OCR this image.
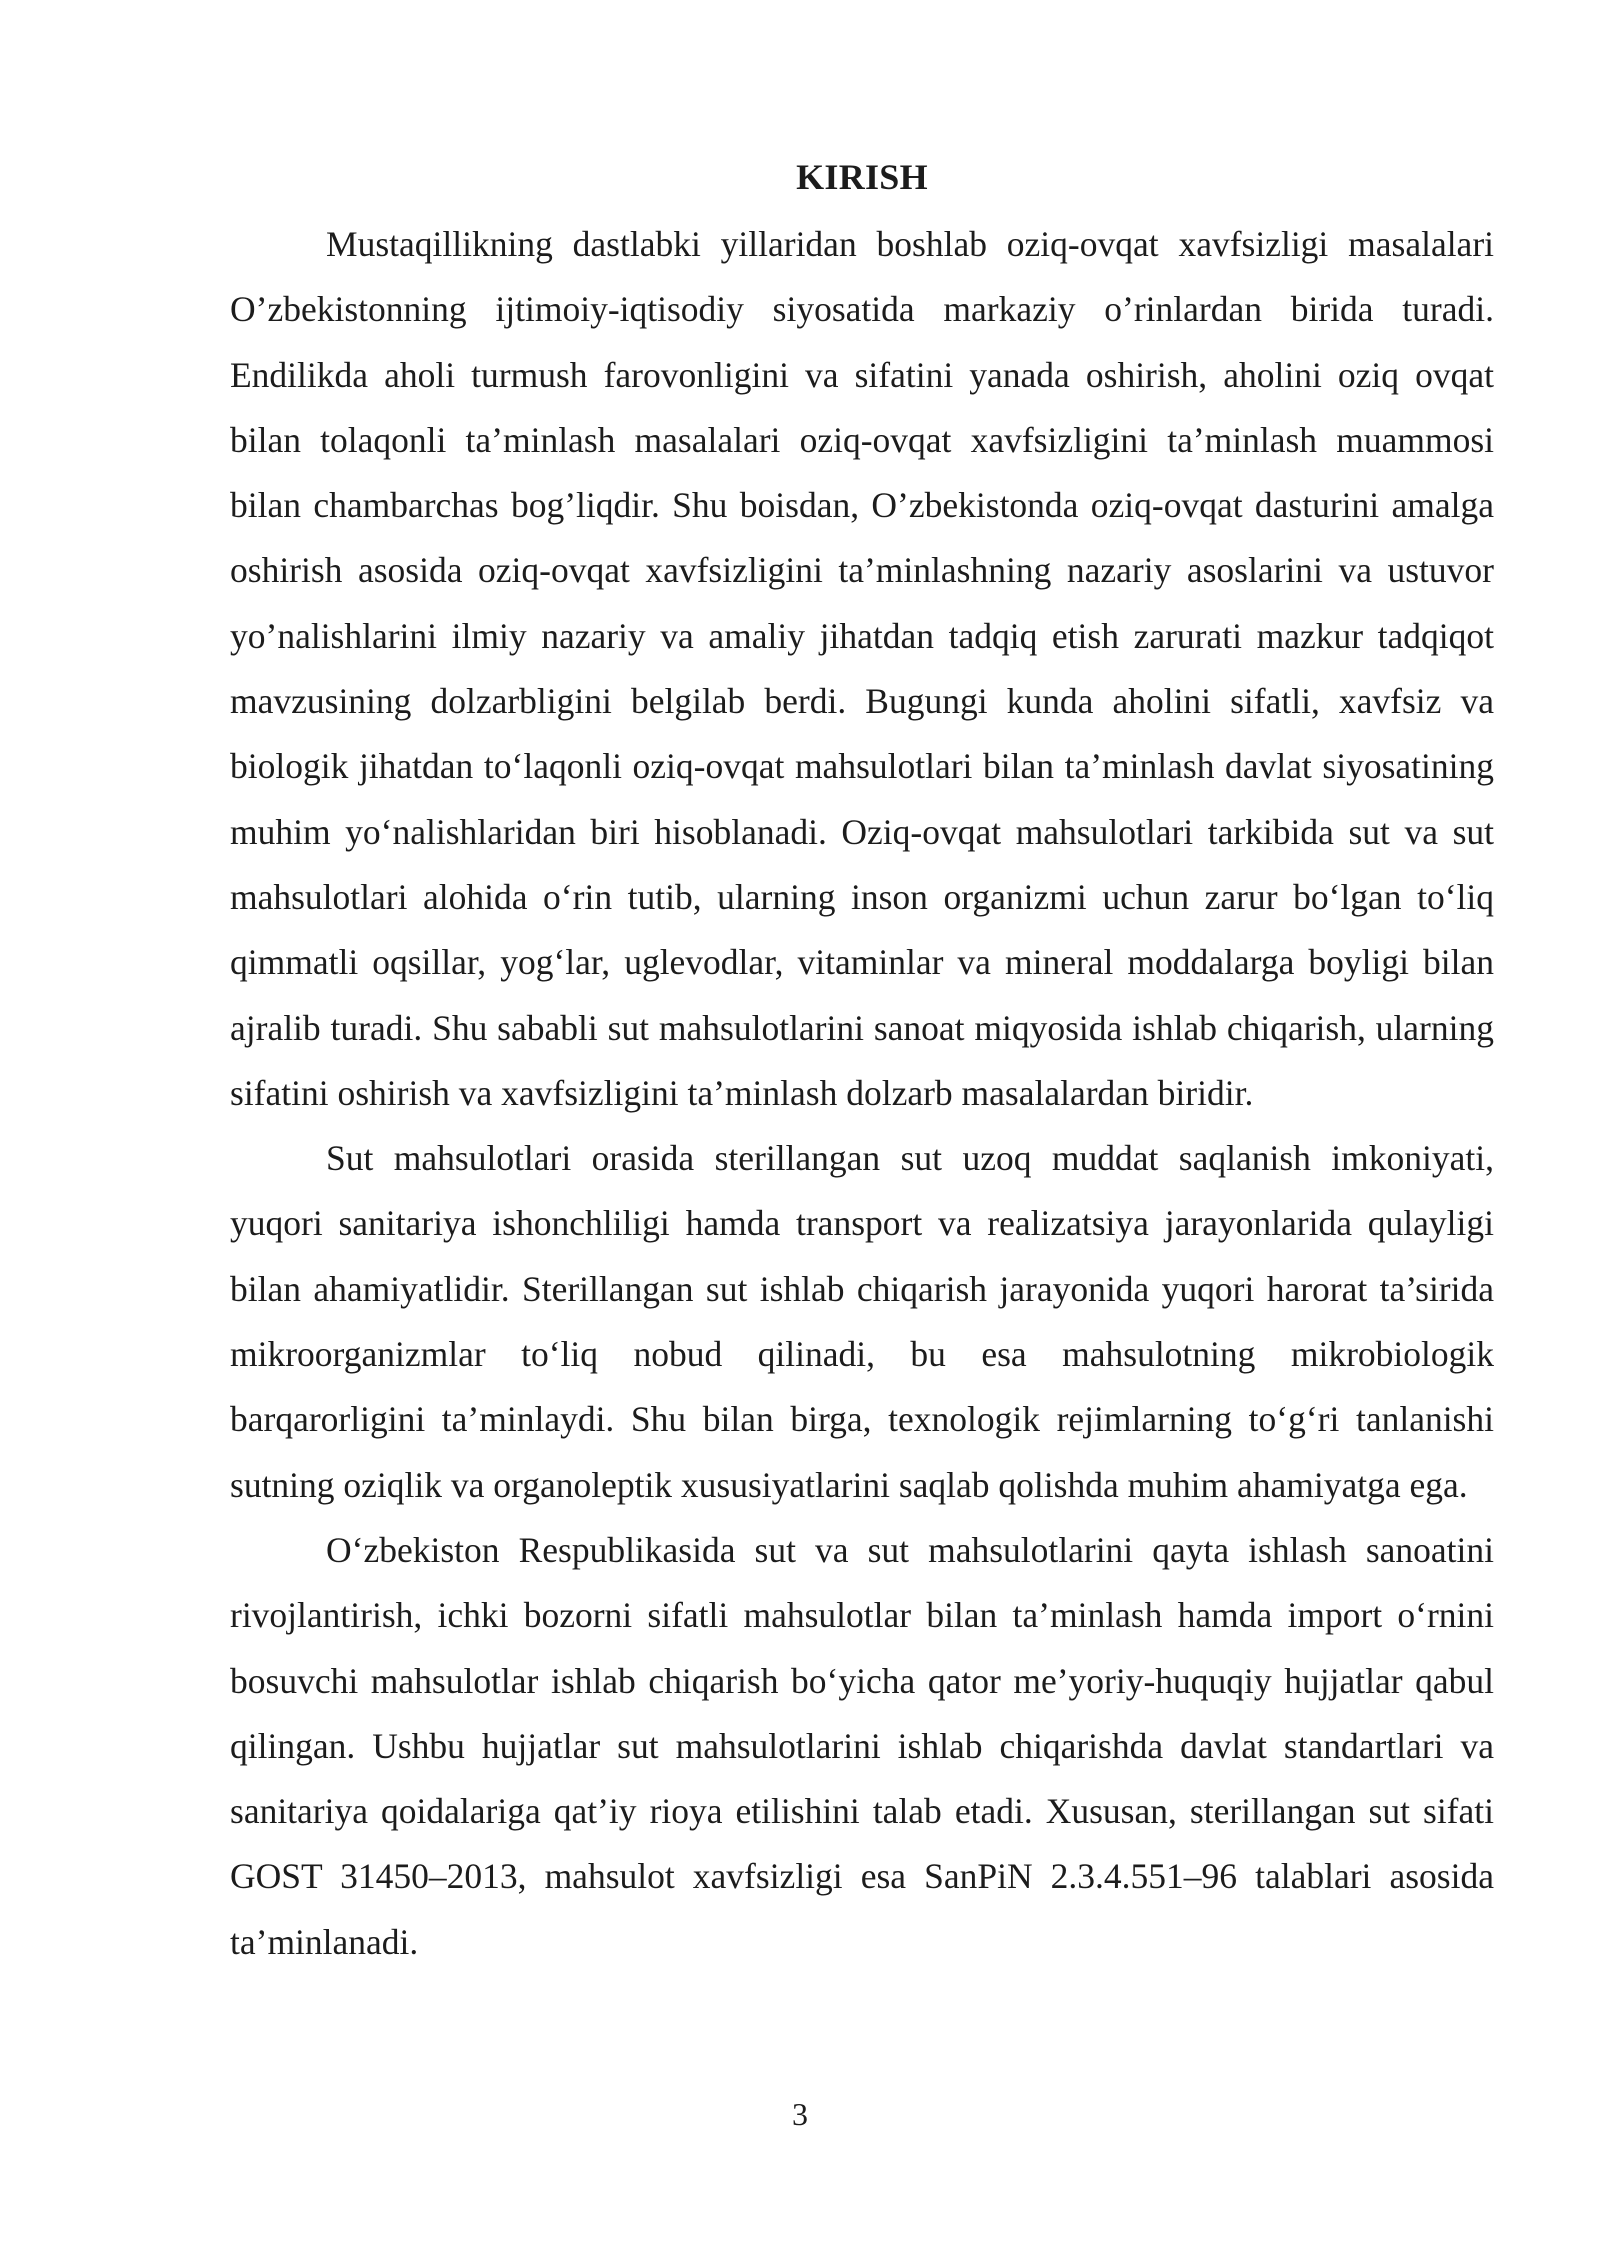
KIRISH

Mustaqillikning dastlabki yillaridan boshlab oziq-ovqat xavfsizligi masalalari O’zbekistonning ijtimoiy-iqtisodiy siyosatida markaziy o’rinlardan birida turadi. Endilikda aholi turmush farovonligini va sifatini yanada oshirish, aholini oziq ovqat bilan tolaqonli ta’minlash masalalari oziq-ovqat xavfsizligini ta’minlash muammosi bilan chambarchas bog’liqdir. Shu boisdan, O’zbekistonda oziq-ovqat dasturini amalga oshirish asosida oziq-ovqat xavfsizligini ta’minlashning nazariy asoslarini va ustuvor yo’nalishlarini ilmiy nazariy va amaliy jihatdan tadqiq etish zarurati mazkur tadqiqot mavzusining dolzarbligini belgilab berdi. Bugungi kunda aholini sifatli, xavfsiz va biologik jihatdan to‘laqonli oziq-ovqat mahsulotlari bilan ta’minlash davlat siyosatining muhim yo‘nalishlaridan biri hisoblanadi. Oziq-ovqat mahsulotlari tarkibida sut va sut mahsulotlari alohida o‘rin tutib, ularning inson organizmi uchun zarur bo‘lgan to‘liq qimmatli oqsillar, yog‘lar, uglevodlar, vitaminlar va mineral moddalarga boyligi bilan ajralib turadi. Shu sababli sut mahsulotlarini sanoat miqyosida ishlab chiqarish, ularning sifatini oshirish va xavfsizligini ta’minlash dolzarb masalalardan biridir.

Sut mahsulotlari orasida sterillangan sut uzoq muddat saqlanish imkoniyati, yuqori sanitariya ishonchliligi hamda transport va realizatsiya jarayonlarida qulayligi bilan ahamiyatlidir. Sterillangan sut ishlab chiqarish jarayonida yuqori harorat ta’sirida mikroorganizmlar to‘liq nobud qilinadi, bu esa mahsulotning mikrobiologik barqarorligini ta’minlaydi. Shu bilan birga, texnologik rejimlarning to‘g‘ri tanlanishi sutning oziqlik va organoleptik xususiyatlarini saqlab qolishda muhim ahamiyatga ega.

O‘zbekiston Respublikasida sut va sut mahsulotlarini qayta ishlash sanoatini rivojlantirish, ichki bozorni sifatli mahsulotlar bilan ta’minlash hamda import o‘rnini bosuvchi mahsulotlar ishlab chiqarish bo‘yicha qator me’yoriy-huquqiy hujjatlar qabul qilingan. Ushbu hujjatlar sut mahsulotlarini ishlab chiqarishda davlat standartlari va sanitariya qoidalariga qat’iy rioya etilishini talab etadi. Xususan, sterillangan sut sifati GOST 31450–2013, mahsulot xavfsizligi esa SanPiN 2.3.4.551–96 talablari asosida ta’minlanadi.

3
